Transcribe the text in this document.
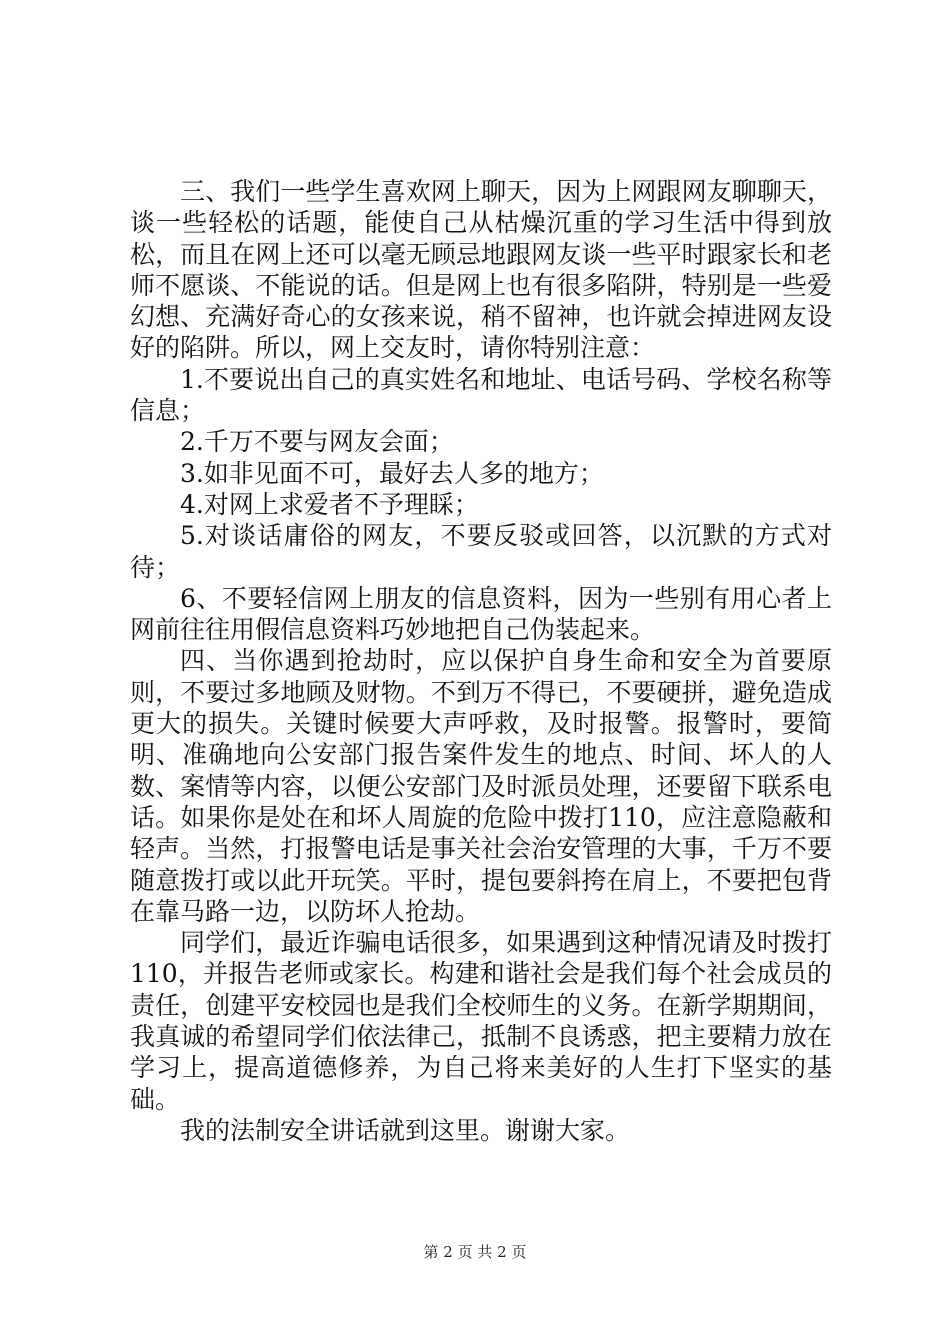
三、我们一些学生喜欢网上聊天，因为上网跟网友聊聊天，谈一些轻松的话题，能使自己从枯燥沉重的学习生活中得到放松，而且在网上还可以毫无顾忌地跟网友谈一些平时跟家长和老师不愿谈、不能说的话。但是网上也有很多陷阱，特别是一些爱幻想、充满好奇心的女孩来说，稍不留神，也许就会掉进网友设好的陷阱。所以，网上交友时，请你特别注意：

1.不要说出自己的真实姓名和地址、电话号码、学校名称等信息；

2.千万不要与网友会面；

3.如非见面不可，最好去人多的地方；

4.对网上求爱者不予理睬；

5.对谈话庸俗的网友，不要反驳或回答，以沉默的方式对待；

6、不要轻信网上朋友的信息资料，因为一些别有用心者上网前往往用假信息资料巧妙地把自己伪装起来。

四、当你遇到抢劫时，应以保护自身生命和安全为首要原则，不要过多地顾及财物。不到万不得已，不要硬拼，避免造成更大的损失。关键时候要大声呼救，及时报警。报警时，要简明、准确地向公安部门报告案件发生的地点、时间、坏人的人数、案情等内容，以便公安部门及时派员处理，还要留下联系电话。如果你是处在和坏人周旋的危险中拨打110，应注意隐蔽和轻声。当然，打报警电话是事关社会治安管理的大事，千万不要随意拨打或以此开玩笑。平时，提包要斜挎在肩上，不要把包背在靠马路一边，以防坏人抢劫。

同学们，最近诈骗电话很多，如果遇到这种情况请及时拨打110，并报告老师或家长。构建和谐社会是我们每个社会成员的责任，创建平安校园也是我们全校师生的义务。在新学期期间，我真诚的希望同学们依法律己，抵制不良诱惑，把主要精力放在学习上，提高道德修养，为自己将来美好的人生打下坚实的基础。

我的法制安全讲话就到这里。谢谢大家。

第 2 页 共 2 页
